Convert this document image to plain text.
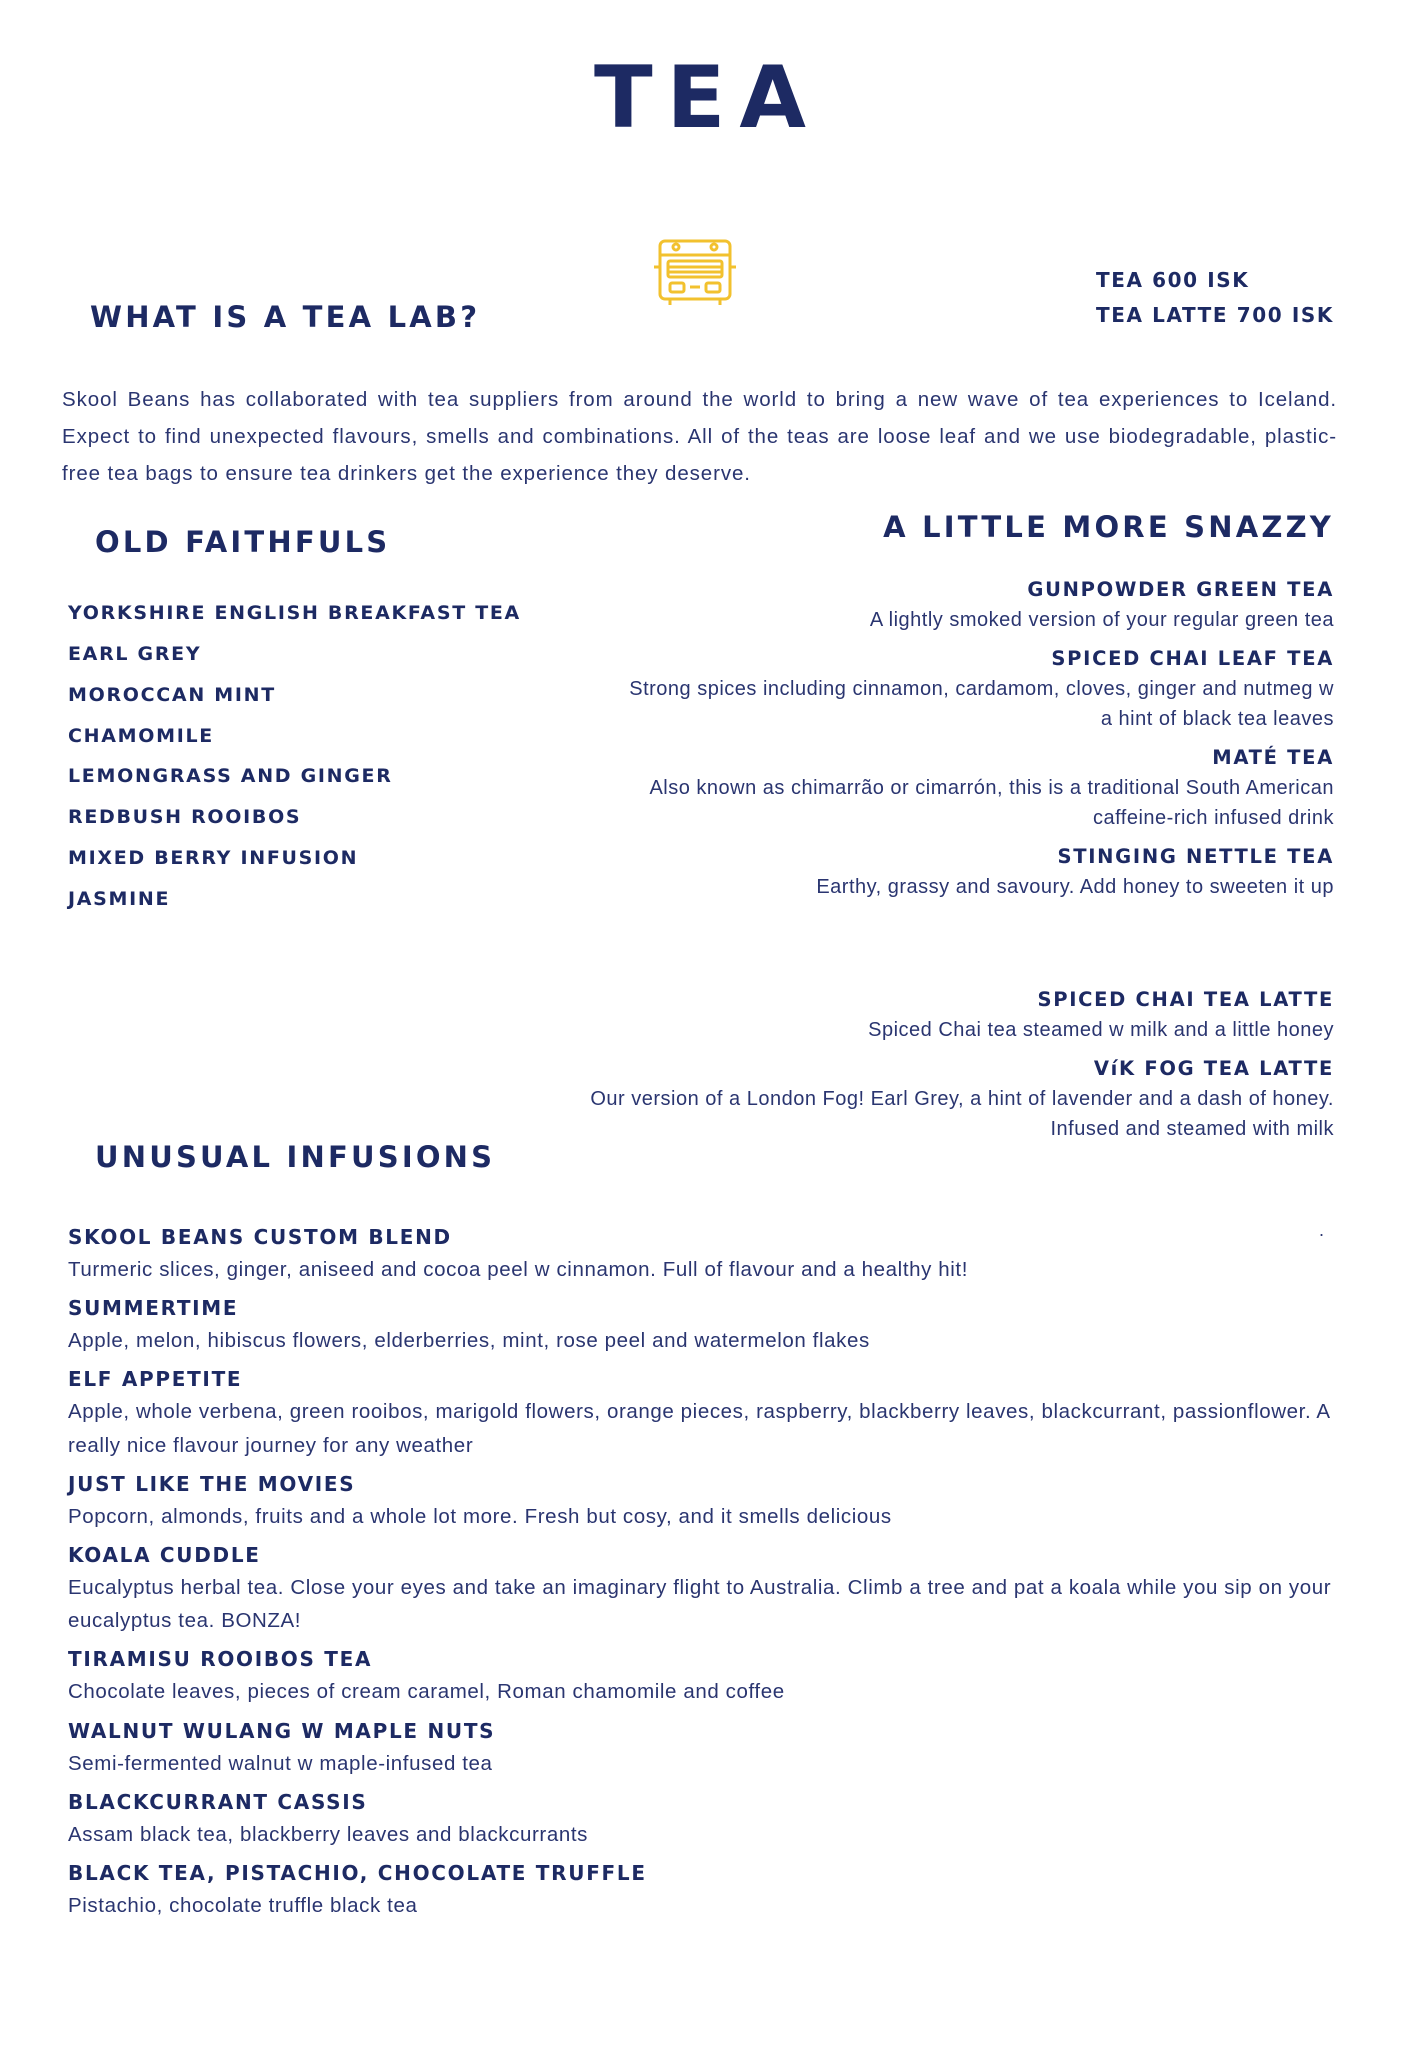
TEA
TEA 600 ISK
TEA LATTE 700 ISK
WHAT IS A TEA LAB?

Skool Beans has collaborated with tea suppliers from around the world to bring a new wave of tea experiences to Iceland. Expect to find unexpected flavours, smells and combinations. All of the teas are loose leaf and we use biodegradable, plastic-free tea bags to ensure tea drinkers get the experience they deserve.

OLD FAITHFULS
YORKSHIRE ENGLISH BREAKFAST TEA
EARL GREY
MOROCCAN MINT
CHAMOMILE
LEMONGRASS AND GINGER
REDBUSH ROOIBOS
MIXED BERRY INFUSION
JASMINE
A LITTLE MORE SNAZZY
GUNPOWDER GREEN TEA
A lightly smoked version of your regular green tea
SPICED CHAI LEAF TEA
Strong spices including cinnamon, cardamom, cloves, ginger and nutmeg w a hint of black tea leaves
MATÉ TEA
Also known as chimarrão or cimarrón, this is a traditional South American caffeine-rich infused drink
STINGING NETTLE TEA
Earthy, grassy and savoury. Add honey to sweeten it up
SPICED CHAI TEA LATTE
Spiced Chai tea steamed w milk and a little honey
VíK FOG TEA LATTE
Our version of a London Fog! Earl Grey, a hint of lavender and a dash of honey. Infused and steamed with milk
.
UNUSUAL INFUSIONS
SKOOL BEANS CUSTOM BLEND
Turmeric slices, ginger, aniseed and cocoa peel w cinnamon. Full of flavour and a healthy hit!
SUMMERTIME
Apple, melon, hibiscus flowers, elderberries, mint, rose peel and watermelon flakes
ELF APPETITE
Apple, whole verbena, green rooibos, marigold flowers, orange pieces, raspberry, blackberry leaves, blackcurrant, passionflower. A really nice flavour journey for any weather
JUST LIKE THE MOVIES
Popcorn, almonds, fruits and a whole lot more. Fresh but cosy, and it smells delicious
KOALA CUDDLE
Eucalyptus herbal tea. Close your eyes and take an imaginary flight to Australia. Climb a tree and pat a koala while you sip on your eucalyptus tea. BONZA!
TIRAMISU ROOIBOS TEA
Chocolate leaves, pieces of cream caramel, Roman chamomile and coffee
WALNUT WULANG W MAPLE NUTS
Semi-fermented walnut w maple-infused tea
BLACKCURRANT CASSIS
Assam black tea, blackberry leaves and blackcurrants
BLACK TEA, PISTACHIO, CHOCOLATE TRUFFLE
Pistachio, chocolate truffle black tea
